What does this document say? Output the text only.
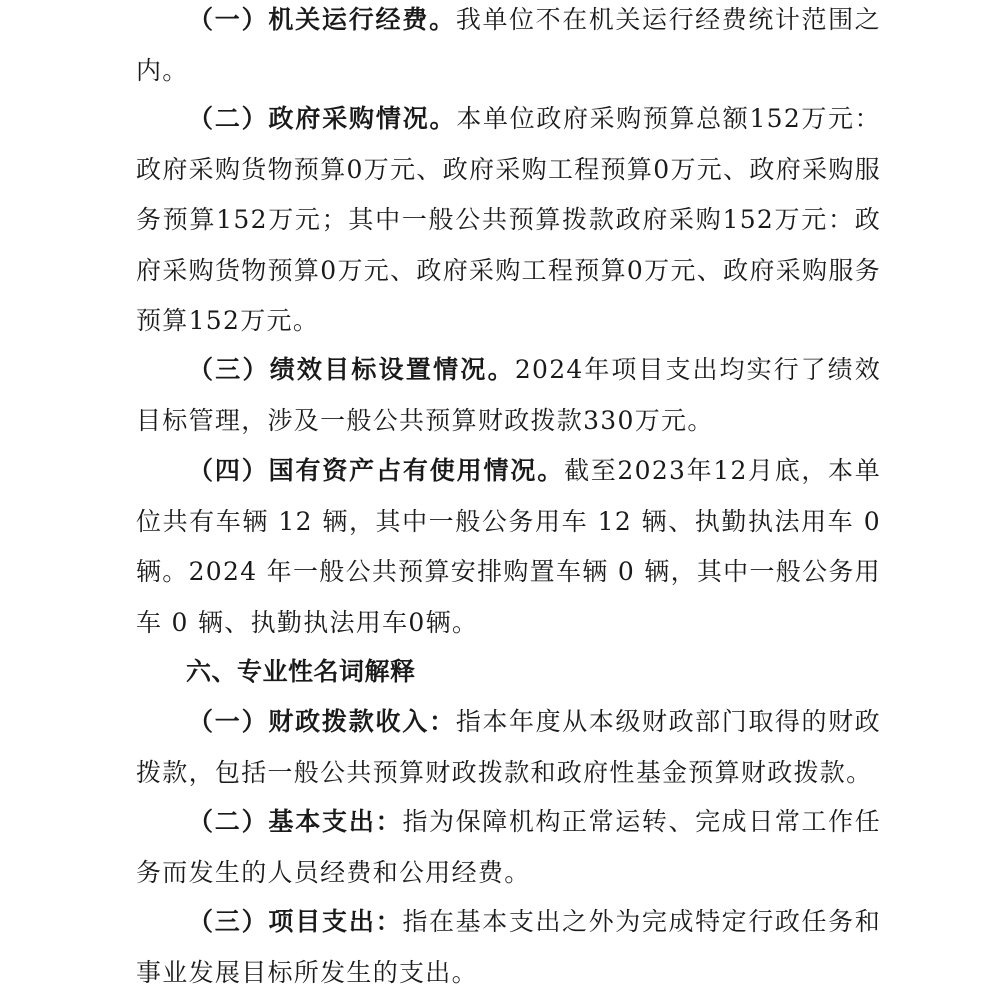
（一）机关运行经费。我单位不在机关运行经费统计范围之内。

（二）政府采购情况。本单位政府采购预算总额152万元：政府采购货物预算0万元、政府采购工程预算0万元、政府采购服务预算152万元；其中一般公共预算拨款政府采购152万元：政府采购货物预算0万元、政府采购工程预算0万元、政府采购服务预算152万元。

（三）绩效目标设置情况。2024年项目支出均实行了绩效目标管理，涉及一般公共预算财政拨款330万元。

（四）国有资产占有使用情况。截至2023年12月底，本单位共有车辆 12 辆，其中一般公务用车 12 辆、执勤执法用车 0 辆。2024 年一般公共预算安排购置车辆 0 辆，其中一般公务用车 0 辆、执勤执法用车0辆。

六、专业性名词解释

（一）财政拨款收入：指本年度从本级财政部门取得的财政拨款，包括一般公共预算财政拨款和政府性基金预算财政拨款。

（二）基本支出：指为保障机构正常运转、完成日常工作任务而发生的人员经费和公用经费。

（三）项目支出：指在基本支出之外为完成特定行政任务和事业发展目标所发生的支出。
